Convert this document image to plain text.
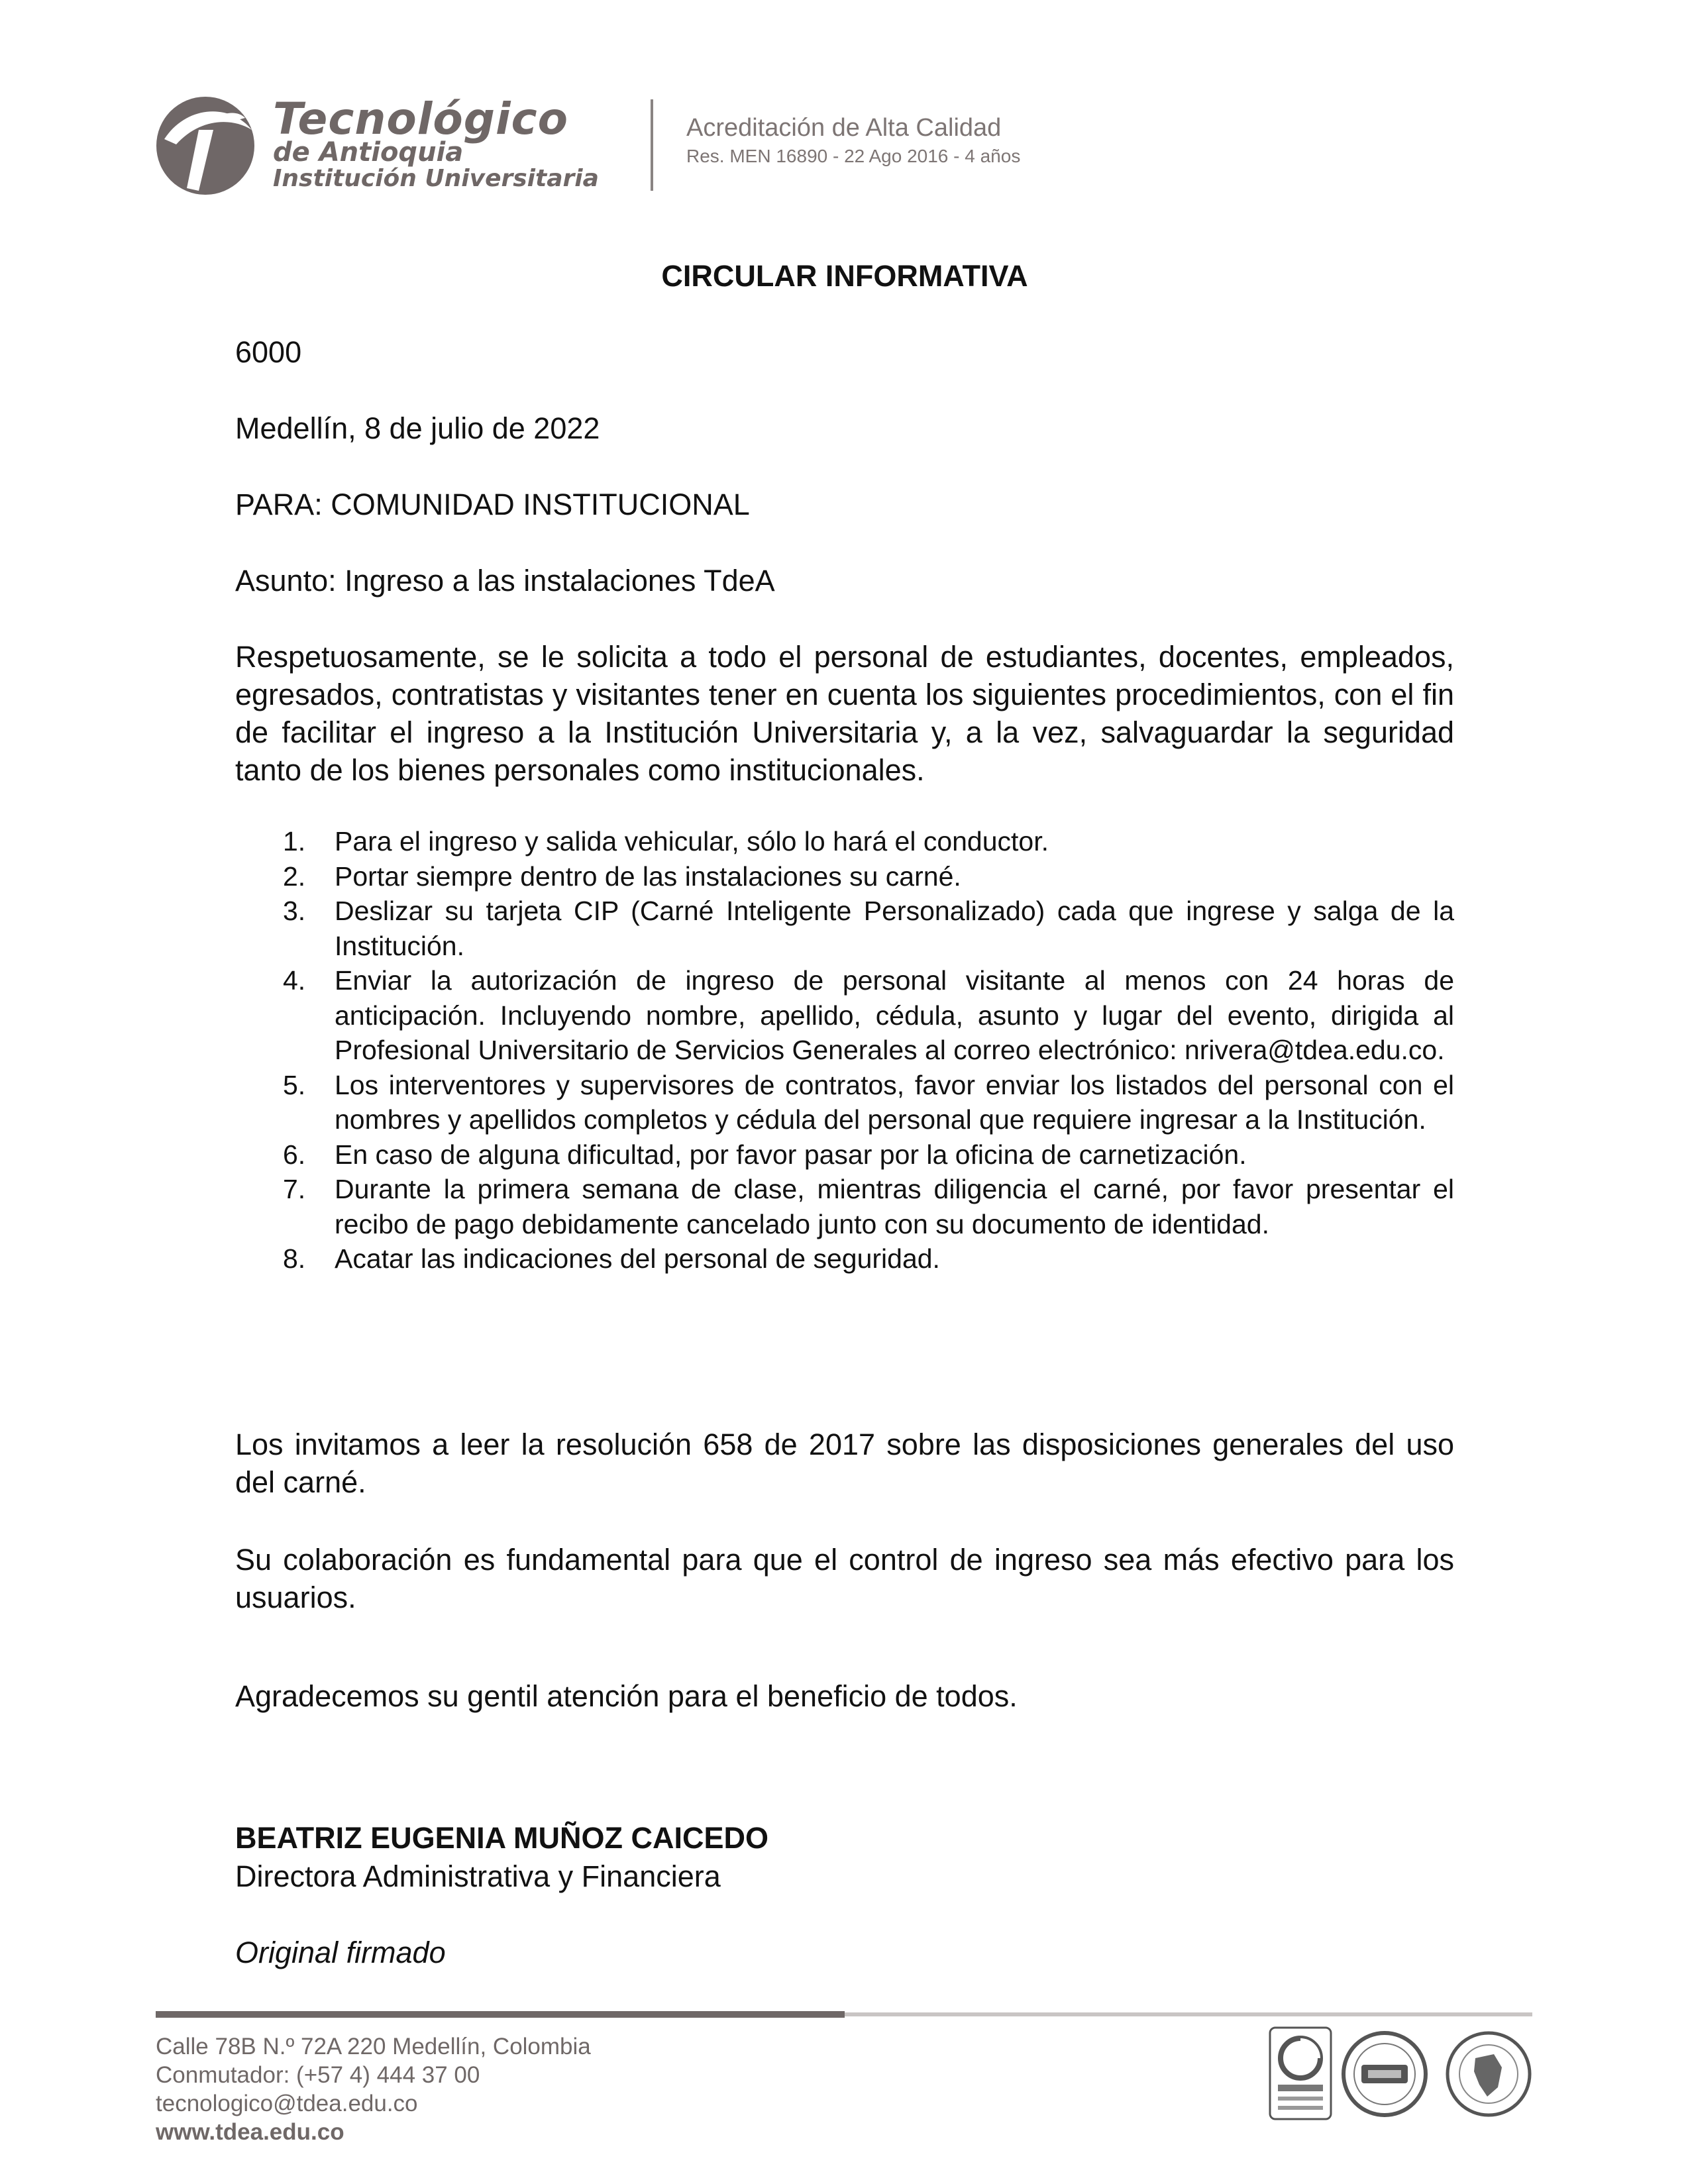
Tecnológico
de Antioquia
Institución Universitaria
Acreditación de Alta Calidad
Res. MEN 16890 - 22 Ago 2016 - 4 años
CIRCULAR INFORMATIVA
6000
Medellín, 8 de julio de 2022
PARA: COMUNIDAD INSTITUCIONAL
Asunto: Ingreso a las instalaciones TdeA
Respetuosamente, se le solicita a todo el personal de estudiantes, docentes, empleados, egresados, contratistas y visitantes tener en cuenta los siguientes procedimientos, con el fin de facilitar el ingreso a la Institución Universitaria y, a la vez, salvaguardar la seguridad tanto de los bienes personales como institucionales.
1. Para el ingreso y salida vehicular, sólo lo hará el conductor.
2. Portar siempre dentro de las instalaciones su carné.
3. Deslizar su tarjeta CIP (Carné Inteligente Personalizado) cada que ingrese y salga de la Institución.
4. Enviar la autorización de ingreso de personal visitante al menos con 24 horas de anticipación. Incluyendo nombre, apellido, cédula, asunto y lugar del evento, dirigida al Profesional Universitario de Servicios Generales al correo electrónico: nrivera@tdea.edu.co.
5. Los interventores y supervisores de contratos, favor enviar los listados del personal con el nombres y apellidos completos y cédula del personal que requiere ingresar a la Institución.
6. En caso de alguna dificultad, por favor pasar por la oficina de carnetización.
7. Durante la primera semana de clase, mientras diligencia el carné, por favor presentar el recibo de pago debidamente cancelado junto con su documento de identidad.
8. Acatar las indicaciones del personal de seguridad.
Los invitamos a leer la resolución 658 de 2017 sobre las disposiciones generales del uso del carné.
Su colaboración es fundamental para que el control de ingreso sea más efectivo para los usuarios.
Agradecemos su gentil atención para el beneficio de todos.
BEATRIZ EUGENIA MUÑOZ CAICEDO
Directora Administrativa y Financiera
Original firmado
Calle 78B N.º 72A 220 Medellín, Colombia
Conmutador: (+57 4) 444 37 00
tecnologico@tdea.edu.co
www.tdea.edu.co
